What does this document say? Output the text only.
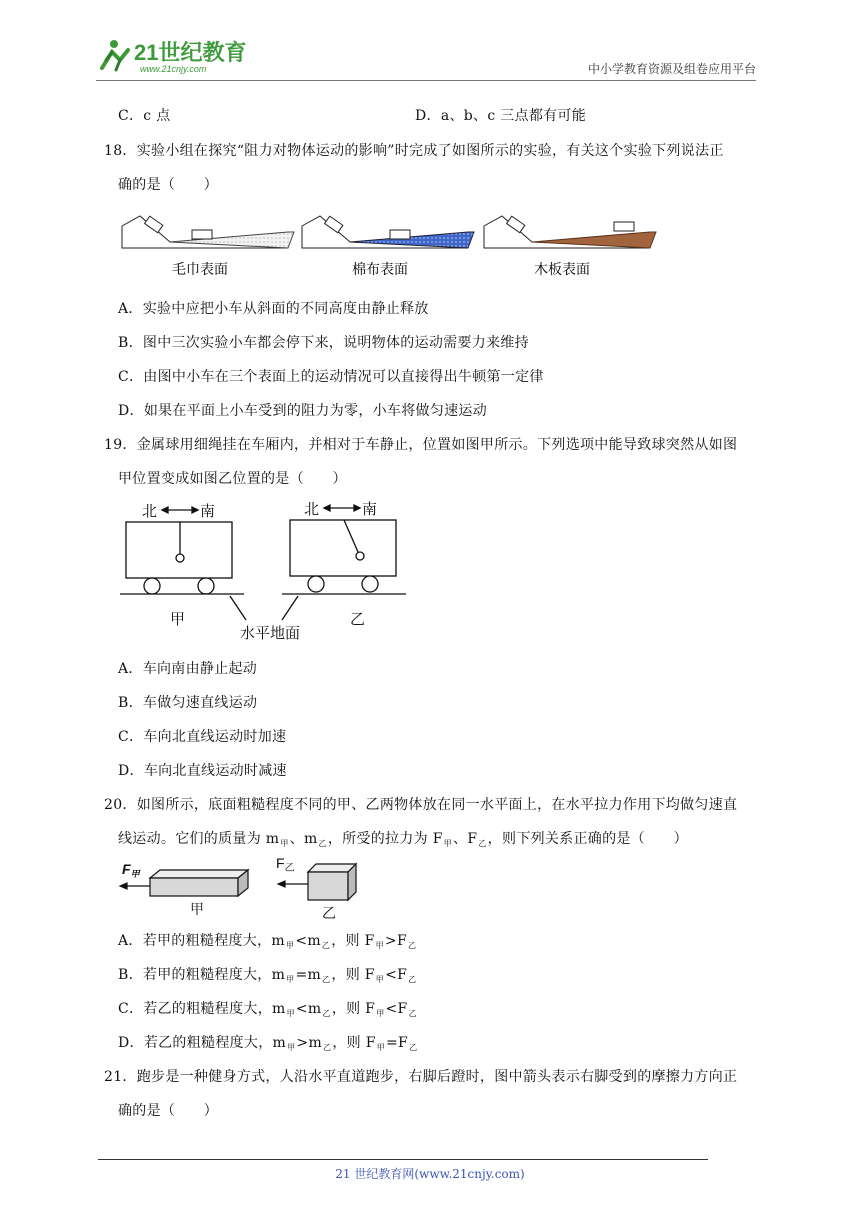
21世纪教育
www.21cnjy.com	中小学教育资源及组卷应用平台
C．c 点	D．a、b、c 三点都有可能
18．实验小组在探究“阻力对物体运动的影响”时完成了如图所示的实验，有关这个实验下列说法正
确的是（　　）
毛巾表面	棉布表面	木板表面
A．实验中应把小车从斜面的不同高度由静止释放
B．图中三次实验小车都会停下来，说明物体的运动需要力来维持
C．由图中小车在三个表面上的运动情况可以直接得出牛顿第一定律
D．如果在平面上小车受到的阻力为零，小车将做匀速运动
19．金属球用细绳挂在车厢内，并相对于车静止，位置如图甲所示。下列选项中能导致球突然从如图
甲位置变成如图乙位置的是（　　）
北	南	北	南
甲	乙
水平地面
A．车向南由静止起动
B．车做匀速直线运动
C．车向北直线运动时加速
D．车向北直线运动时减速
20．如图所示，底面粗糙程度不同的甲、乙两物体放在同一水平面上，在水平拉力作用下均做匀速直
线运动。它们的质量为 $m_甲$、$m_乙$，所受的拉力为 $F_甲$、$F_乙$，则下列关系正确的是（　　）
$F_甲$
$F_乙$
甲	乙
A．若甲的粗糙程度大，$m_甲<m_乙$，则 $F_甲>F_乙$
B．若甲的粗糙程度大，$m_甲=m_乙$，则 $F_甲<F_乙$
C．若乙的粗糙程度大，$m_甲<m_乙$，则 $F_甲<F_乙$
D．若乙的粗糙程度大，$m_甲>m_乙$，则 $F_甲=F_乙$
21．跑步是一种健身方式，人沿水平直道跑步，右脚后蹬时，图中箭头表示右脚受到的摩擦力方向正
确的是（　　）
21 世纪教育网(www.21cnjy.com)
